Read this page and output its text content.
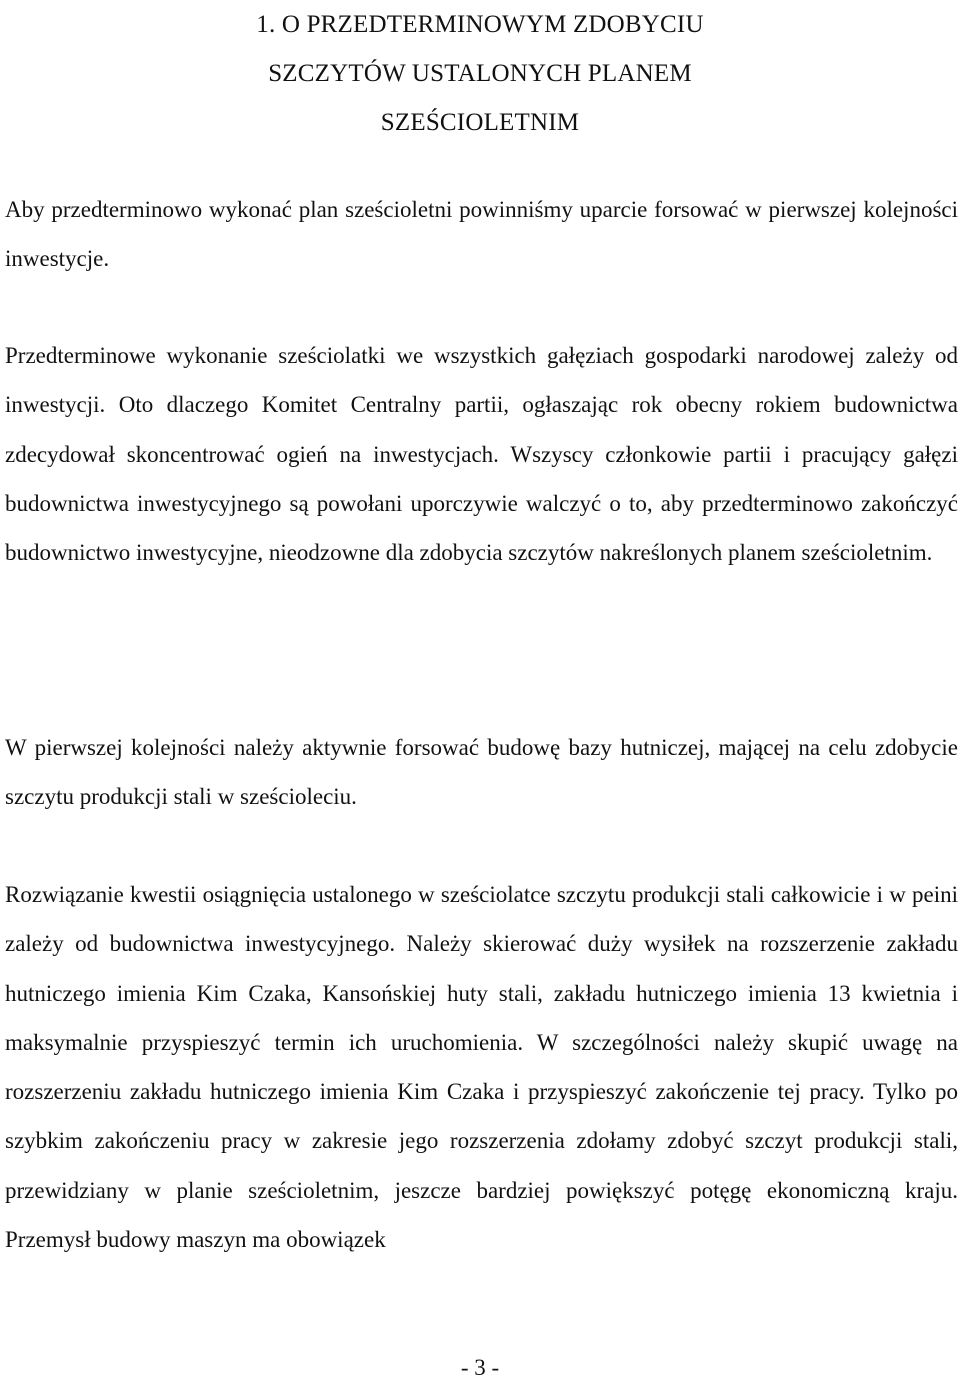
1. O PRZEDTERMINOWYM ZDOBYCIU
SZCZYTÓW USTALONYCH PLANEM
SZEŚCIOLETNIM

Aby przedterminowo wykonać plan sześcioletni powinniśmy uparcie forsować w pierwszej kolejności inwestycje.

Przedterminowe wykonanie sześciolatki we wszystkich gałęziach gospodarki narodowej zależy od inwestycji. Oto dlaczego Komitet Centralny partii, ogłaszając rok obecny rokiem budownictwa zdecydował skoncentrować ogień na inwestycjach. Wszyscy członkowie partii i pracujący gałęzi budownictwa inwestycyjnego są powołani uporczywie walczyć o to, aby przedterminowo zakończyć budownictwo inwestycyjne, nieodzowne dla zdobycia szczytów nakreślonych planem sześcioletnim.

W pierwszej kolejności należy aktywnie forsować budowę bazy hutniczej, mającej na celu zdobycie szczytu produkcji stali w sześcioleciu.

Rozwiązanie kwestii osiągnięcia ustalonego w sześciolatce szczytu produkcji stali całkowicie i w peini zależy od budownictwa inwestycyjnego. Należy skierować duży wysiłek na rozszerzenie zakładu hutniczego imienia Kim Czaka, Kansońskiej huty stali, zakładu hutniczego imienia 13 kwietnia i maksymalnie przyspieszyć termin ich uruchomienia. W szczególności należy skupić uwagę na rozszerzeniu zakładu hutniczego imienia Kim Czaka i przyspieszyć zakończenie tej pracy. Tylko po szybkim zakończeniu pracy w zakresie jego rozszerzenia zdołamy zdobyć szczyt produkcji stali, przewidziany w planie sześcioletnim, jeszcze bardziej powiększyć potęgę ekonomiczną kraju. Przemysł budowy maszyn ma obowiązek

- 3 -
